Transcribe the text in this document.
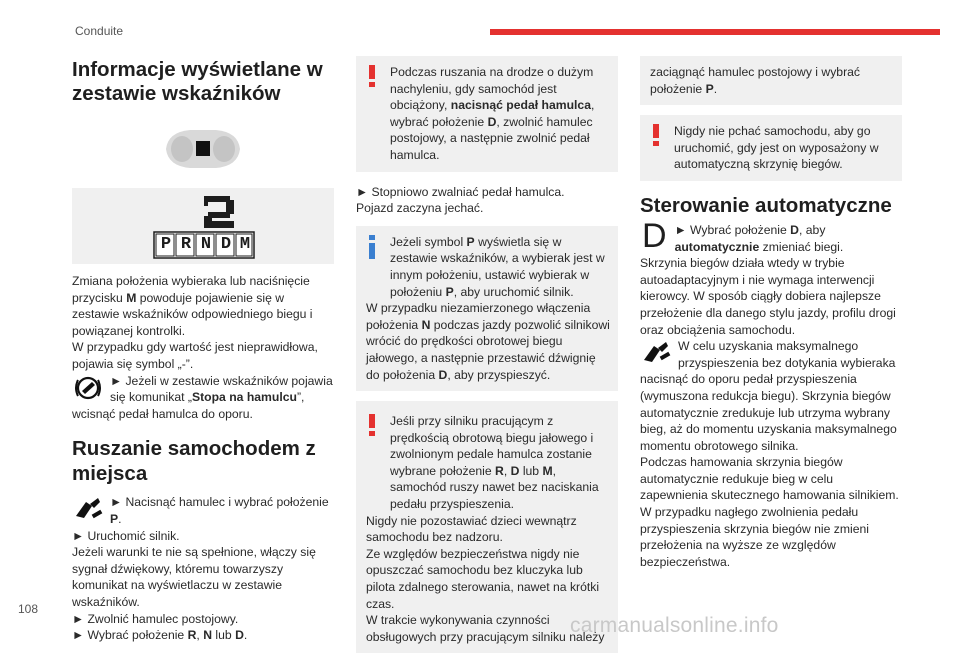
Conduite
Informacje wyświetlane w zestawie wskaźników
P R N D M

Zmiana położenia wybieraka lub naciśnięcie przycisku M powoduje pojawienie się w zestawie wskaźników odpowiedniego biegu i powiązanej kontrolki.

W przypadku gdy wartość jest nieprawidłowa, pojawia się symbol „-”.

► Jeżeli w zestawie wskaźników pojawia się komunikat „Stopa na hamulcu”, wcisnąć pedał hamulca do oporu.

Ruszanie samochodem z miejsca

► Nacisnąć hamulec i wybrać położenie P.

► Uruchomić silnik.

Jeżeli warunki te nie są spełnione, włączy się sygnał dźwiękowy, któremu towarzyszy komunikat na wyświetlaczu w zestawie wskaźników.

► Zwolnić hamulec postojowy.

► Wybrać położenie R, N lub D.

Podczas ruszania na drodze o dużym nachyleniu, gdy samochód jest obciążony, nacisnąć pedał hamulca, wybrać położenie D, zwolnić hamulec postojowy, a następnie zwolnić pedał hamulca.

► Stopniowo zwalniać pedał hamulca.

Pojazd zaczyna jechać.

Jeżeli symbol P wyświetla się w zestawie wskaźników, a wybierak jest w innym położeniu, ustawić wybierak w położeniu P, aby uruchomić silnik.

W przypadku niezamierzonego włączenia położenia N podczas jazdy pozwolić silnikowi wrócić do prędkości obrotowej biegu jałowego, a następnie przestawić dźwignię do położenia D, aby przyspieszyć.

Jeśli przy silniku pracującym z prędkością obrotową biegu jałowego i zwolnionym pedale hamulca zostanie wybrane położenie R, D lub M, samochód ruszy nawet bez naciskania pedału przyspieszenia.

Nigdy nie pozostawiać dzieci wewnątrz samochodu bez nadzoru.

Ze względów bezpieczeństwa nigdy nie opuszczać samochodu bez kluczyka lub pilota zdalnego sterowania, nawet na krótki czas.

W trakcie wykonywania czynności obsługowych przy pracującym silniku należy

zaciągnąć hamulec postojowy i wybrać położenie P.

Nigdy nie pchać samochodu, aby go uruchomić, gdy jest on wyposażony w automatyczną skrzynię biegów.

Sterowanie automatyczne
D ► Wybrać położenie D, aby automatycznie zmieniać biegi.

Skrzynia biegów działa wtedy w trybie autoadaptacyjnym i nie wymaga interwencji kierowcy. W sposób ciągły dobiera najlepsze przełożenie dla danego stylu jazdy, profilu drogi oraz obciążenia samochodu.

W celu uzyskania maksymalnego przyspieszenia bez dotykania wybieraka nacisnąć do oporu pedał przyspieszenia (wymuszona redukcja biegu). Skrzynia biegów automatycznie zredukuje lub utrzyma wybrany bieg, aż do momentu uzyskania maksymalnego momentu obrotowego silnika.

Podczas hamowania skrzynia biegów automatycznie redukuje bieg w celu zapewnienia skutecznego hamowania silnikiem.

W przypadku nagłego zwolnienia pedału przyspieszenia skrzynia biegów nie zmieni przełożenia na wyższe ze względów bezpieczeństwa.

108
carmanualsonline.info
